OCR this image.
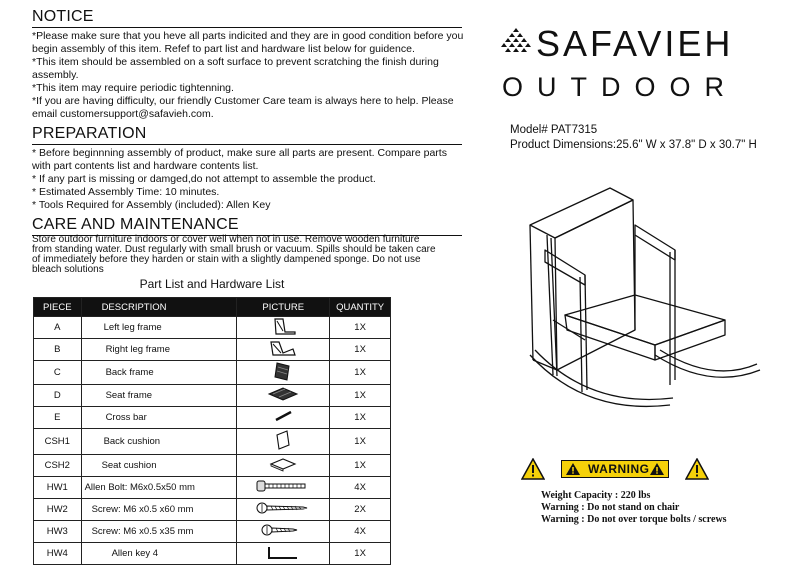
NOTICE
*Please make sure that you heve all parts indicited and they are in good condition before you
begin assembly of this item. Refef to part list and hardware list below for guidence.
*This item should be assembled on a soft surface to prevent scratching the finish during
assembly.
*This item may require periodic tightenning.
*If you are having difficulty, our friendly Customer Care team is always here to help. Please
email customersupport@safavieh.com.
PREPARATION
* Before beginnning assembly of product, make sure all parts are present. Compare parts
with part contents list and hardware contents list.
* If any part is missing or damged,do not attempt to assemble the product.
* Estimated Assembly Time: 10 minutes.
* Tools Required for Assembly (included): Allen Key
CARE AND MAINTENANCE
Store outdoor furniture indoors or cover well when not in use. Remove wooden furniture
from standing water. Dust regularly with small brush or vacuum. Spills should be taken care
of immediately before they harden or stain with a slightly dampened sponge. Do not use
bleach solutions
Part List and Hardware List
PIECE	DESCRIPTION	PICTURE	QUANTITY
A	Left leg frame		1X
B	Right leg frame		1X
C	Back frame		1X
D	Seat frame		1X
E	Cross bar		1X
CSH1	Back cushion		1X
CSH2	Seat cushion		1X
HW1	Allen Bolt: M6x0.5x50 mm		4X
HW2	Screw: M6 x0.5 x60 mm		2X
HW3	Screw: M6 x0.5 x35 mm		4X
HW4	Allen key 4		1X
SAFAVIEH
OUTDOOR
Model# PAT7315
Product Dimensions:25.6" W x 37.8" D x 30.7" H
WARNING
Weight Capacity : 220 lbs
Warning : Do not stand on chair
Warning : Do not over torque bolts / screws
